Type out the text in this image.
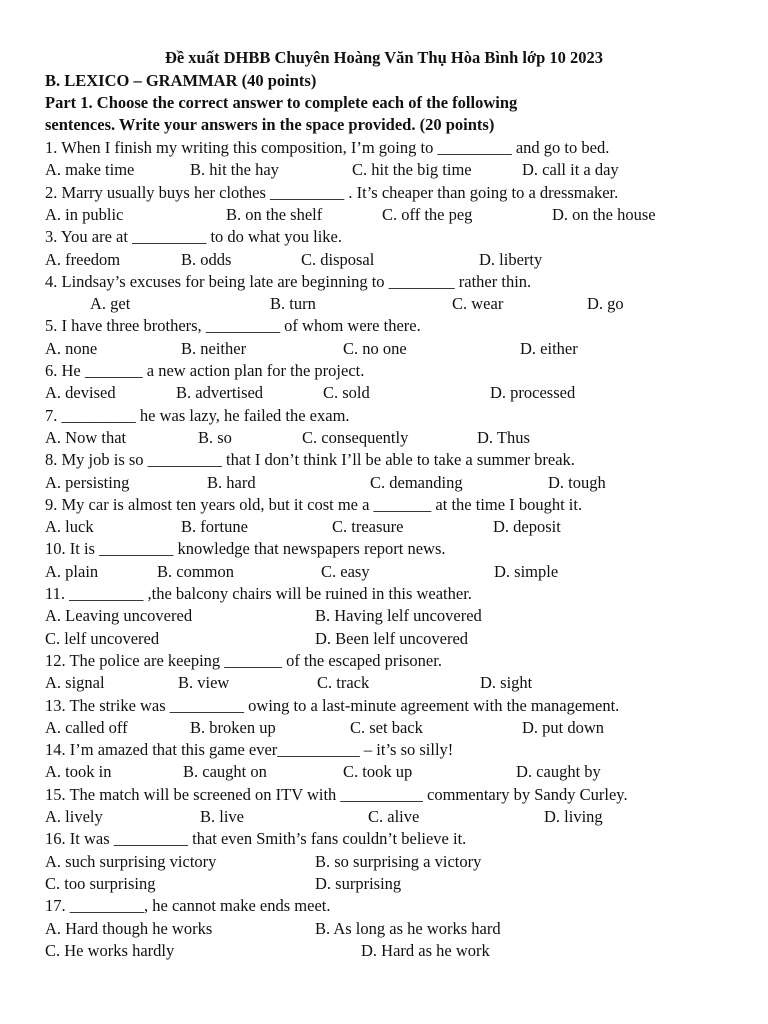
Đề xuất DHBB Chuyên Hoàng Văn Thụ Hòa Bình lớp 10 2023
B. LEXICO – GRAMMAR (40 points)
Part 1. Choose the correct answer to complete each of the following
sentences. Write your answers in the space provided. (20 points)
1. When I finish my writing this composition, I’m going to _________ and go to bed.
A. make time	B. hit the hay	C. hit the big time	D. call it a day
2. Marry usually buys her clothes _________ . It’s cheaper than going to a dressmaker.
A. in public	B. on the shelf	C. off the peg	D. on the house
3. You are at _________ to do what you like.
A. freedom	B. odds	C. disposal	D. liberty
4. Lindsay’s excuses for being late are beginning to ________ rather thin.
A. get	B. turn	C. wear	D. go
5. I have three brothers, _________ of whom were there.
A. none	B. neither	C. no one	D. either
6. He _______ a new action plan for the project.
A. devised	B. advertised	C. sold	D. processed
7. _________ he was lazy, he failed the exam.
A. Now that	B. so	C. consequently	D. Thus
8. My job is so _________ that I don’t think I’ll be able to take a summer break.
A. persisting	B. hard	C. demanding	D. tough
9. My car is almost ten years old, but it cost me a _______ at the time I bought it.
A. luck	B. fortune	C. treasure	D. deposit
10. It is _________ knowledge that newspapers report news.
A. plain	B. common	C. easy	D. simple
11. _________ ,the balcony chairs will be ruined in this weather.
A. Leaving uncovered	B. Having lelf uncovered
C. lelf uncovered	D. Been lelf uncovered
12. The police are keeping _______ of the escaped prisoner.
A. signal	B. view	C. track	D. sight
13. The strike was _________ owing to a last-minute agreement with the management.
A. called off	B. broken up	C. set back	D. put down
14. I’m amazed that this game ever__________ – it’s so silly!
A. took in	B. caught on	C. took up	D. caught by
15. The match will be screened on ITV with __________ commentary by Sandy Curley.
A. lively	B. live	C. alive	D. living
16. It was _________ that even Smith’s fans couldn’t believe it.
A. such surprising victory	B. so surprising a victory
C. too surprising	D. surprising
17. _________, he cannot make ends meet.
A. Hard though he works	B. As long as he works hard
C. He works hardly	D. Hard as he work
